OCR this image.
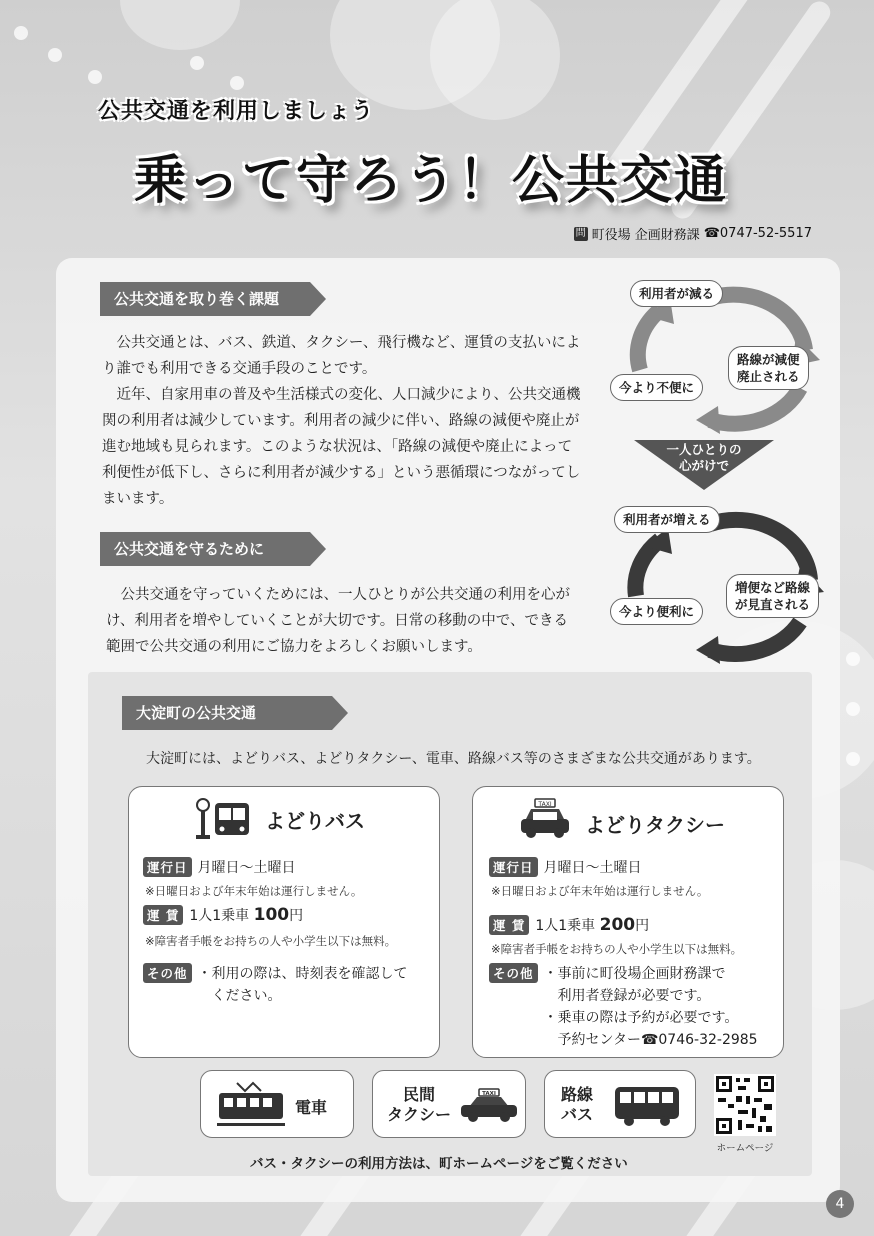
公共交通を利用しましょう
乗って守ろう！公共交通
問 町役場 企画財務課 ☎0747-52-5517
公共交通を取り巻く課題

公共交通とは、バス、鉄道、タクシー、飛行機など、運賃の支払いにより誰でも利用できる交通手段のことです。

近年、自家用車の普及や生活様式の変化、人口減少により、公共交通機関の利用者は減少しています。利用者の減少に伴い、路線の減便や廃止が進む地域も見られます。このような状況は、「路線の減便や廃止によって利便性が低下し、さらに利用者が減少する」という悪循環につながってしまいます。

公共交通を守るために

公共交通を守っていくためには、一人ひとりが公共交通の利用を心がけ、利用者を増やしていくことが大切です。日常の移動の中で、できる範囲で公共交通の利用にご協力をよろしくお願いします。

利用者が減る
路線が減便
廃止される
今より不便に
一人ひとりの
心がけで
利用者が増える
増便など路線
が見直される
今より便利に
大淀町の公共交通
大淀町には、よどりバス、よどりタクシー、電車、路線バス等のさまざまな公共交通があります。
よどりバス
運行日 月曜日～土曜日
※日曜日および年末年始は運行しません。
運 賃 1人1乗車 100円
※障害者手帳をお持ちの人や小学生以下は無料。
その他 ・利用の際は、時刻表を確認して
　ください。
TAXI
よどりタクシー
運行日 月曜日～土曜日
※日曜日および年末年始は運行しません。
運 賃 1人1乗車 200円
※障害者手帳をお持ちの人や小学生以下は無料。
その他 ・事前に町役場企画財務課で
　利用者登録が必要です。
・乗車の際は予約が必要です。
　予約センター☎0746-32-2985
電車
民間
タクシー
TAXI	路線
バス
ホームページ
バス・タクシーの利用方法は、町ホームページをご覧ください
4
